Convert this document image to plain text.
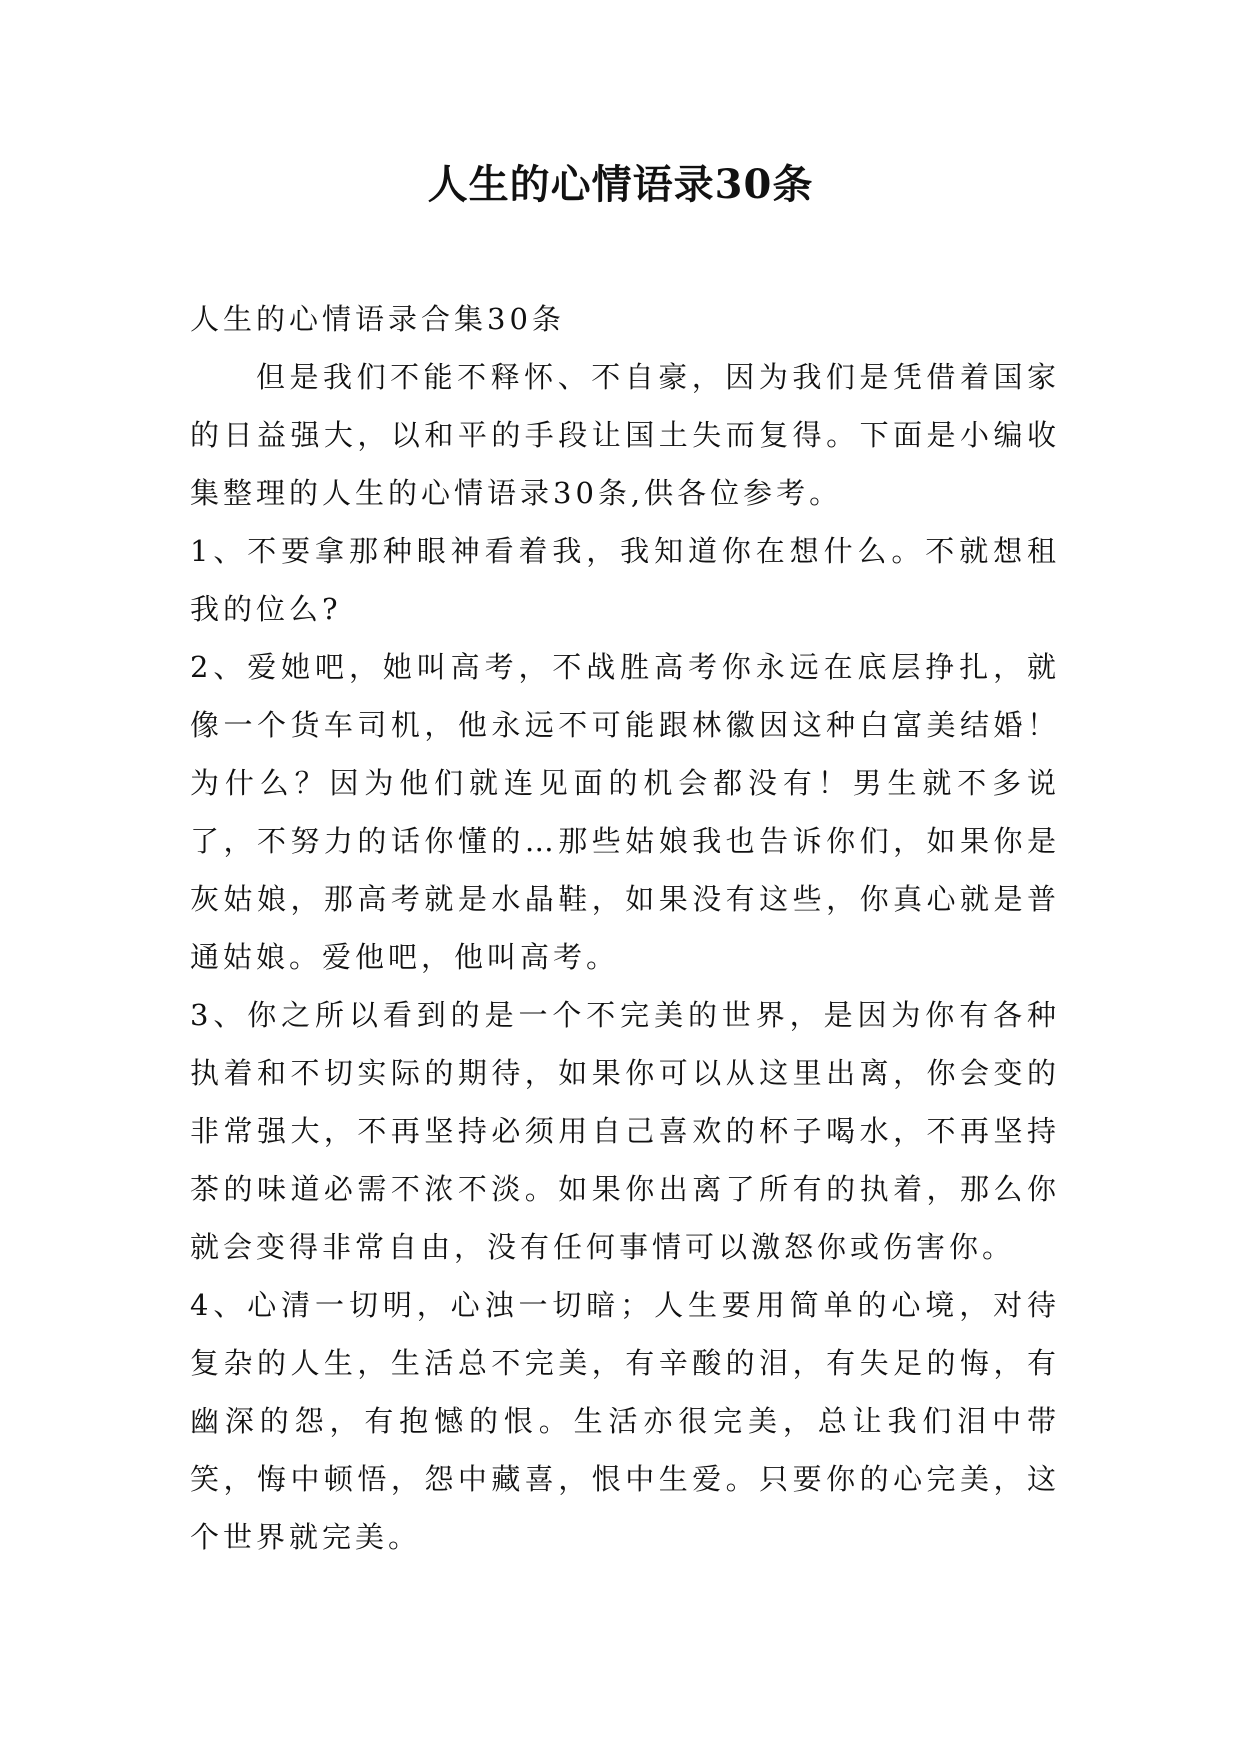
人生的心情语录30条

人生的心情语录合集30条

但是我们不能不释怀、不自豪，因为我们是凭借着国家的日益强大，以和平的手段让国土失而复得。下面是小编收集整理的人生的心情语录30条,供各位参考。

1、不要拿那种眼神看着我，我知道你在想什么。不就想租我的位么?

2、爱她吧，她叫高考，不战胜高考你永远在底层挣扎，就像一个货车司机，他永远不可能跟林徽因这种白富美结婚！为什么？因为他们就连见面的机会都没有！男生就不多说了，不努力的话你懂的…那些姑娘我也告诉你们，如果你是灰姑娘，那高考就是水晶鞋，如果没有这些，你真心就是普通姑娘。爱他吧，他叫高考。

3、你之所以看到的是一个不完美的世界，是因为你有各种执着和不切实际的期待，如果你可以从这里出离，你会变的非常强大，不再坚持必须用自己喜欢的杯子喝水，不再坚持茶的味道必需不浓不淡。如果你出离了所有的执着，那么你就会变得非常自由，没有任何事情可以激怒你或伤害你。

4、心清一切明，心浊一切暗；人生要用简单的心境，对待复杂的人生，生活总不完美，有辛酸的泪，有失足的悔，有幽深的怨，有抱憾的恨。生活亦很完美，总让我们泪中带笑，悔中顿悟，怨中藏喜，恨中生爱。只要你的心完美，这个世界就完美。
